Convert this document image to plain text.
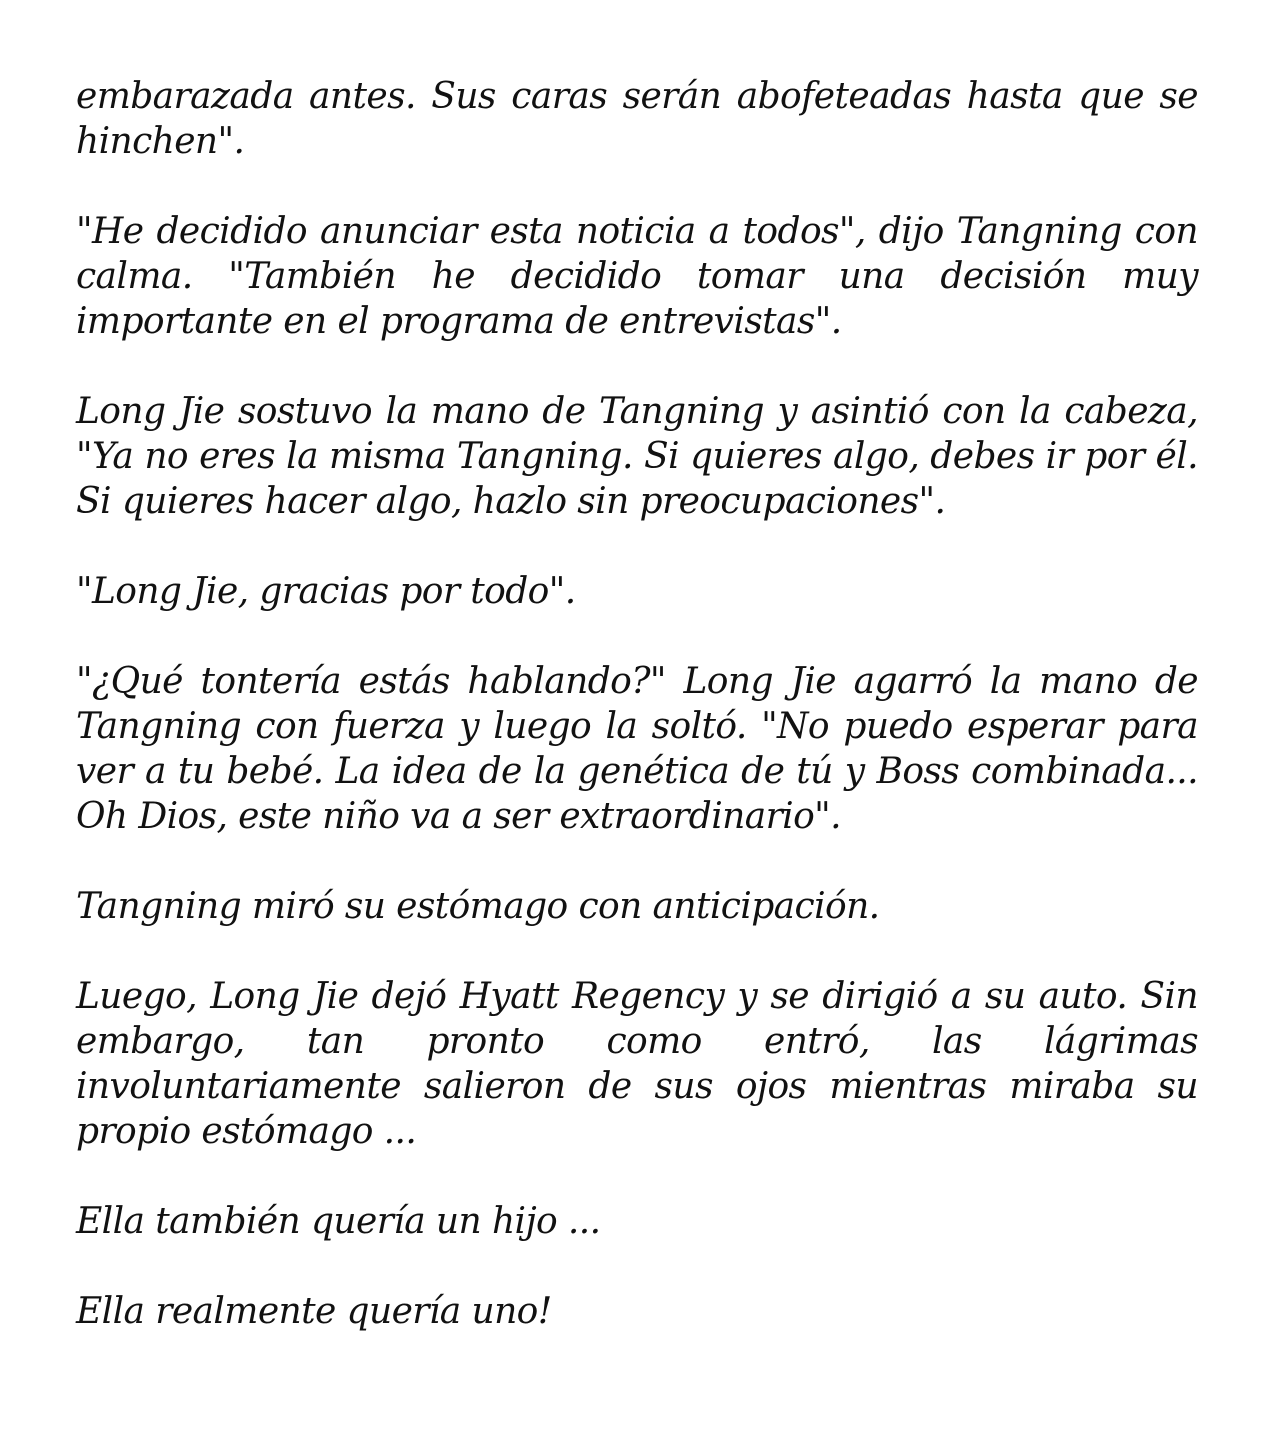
embarazada antes. Sus caras serán abofeteadas hasta que se hinchen".

"He decidido anunciar esta noticia a todos", dijo Tangning con calma. "También he decidido tomar una decisión muy importante en el programa de entrevistas".

Long Jie sostuvo la mano de Tangning y asintió con la cabeza, "Ya no eres la misma Tangning. Si quieres algo, debes ir por él. Si quieres hacer algo, hazlo sin preocupaciones".

"Long Jie, gracias por todo".

"¿Qué tontería estás hablando?" Long Jie agarró la mano de Tangning con fuerza y luego la soltó. "No puedo esperar para ver a tu bebé. La idea de la genética de tú y Boss combinada... Oh Dios, este niño va a ser extraordinario".

Tangning miró su estómago con anticipación.

Luego, Long Jie dejó Hyatt Regency y se dirigió a su auto. Sin embargo, tan pronto como entró, las lágrimas involuntariamente salieron de sus ojos mientras miraba su propio estómago ...

Ella también quería un hijo ...

Ella realmente quería uno!
